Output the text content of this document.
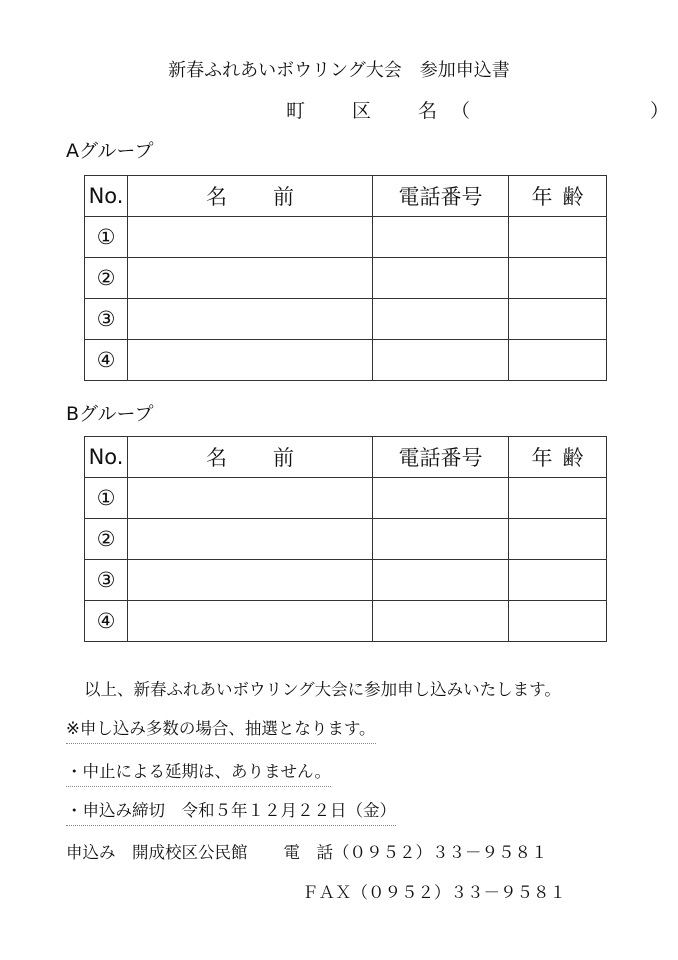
新春ふれあいボウリング大会　参加申込書
町　区　名（	）
Aグループ
No.	名前	電話番号	年齢
①			
②			
③			
④			
Bグループ
No.	名前	電話番号	年齢
①			
②			
③			
④			
以上、新春ふれあいボウリング大会に参加申し込みいたします。
※申し込み多数の場合、抽選となります。
・中止による延期は、ありません。
・申込み締切　令和５年１２月２２日（金）
申込み　開成校区公民館 電　話（０９５２）３３－９５８１
ＦＡＸ（０９５２）３３－９５８１
